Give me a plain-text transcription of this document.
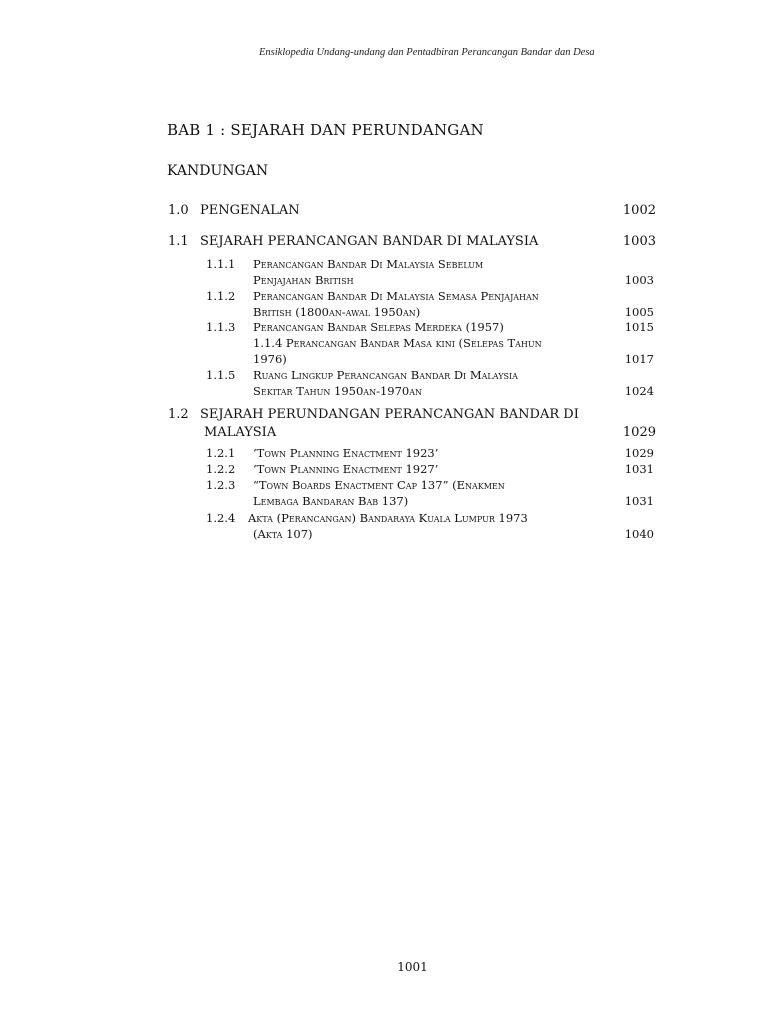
Ensiklopedia Undang-undang dan Pentadbiran Perancangan Bandar dan Desa
BAB 1 : SEJARAH DAN PERUNDANGAN
KANDUNGAN
1.0 PENGENALAN	1002
1.1 SEJARAH PERANCANGAN BANDAR DI MALAYSIA	1003
1.1.1 Perancangan Bandar Di Malaysia Sebelum
Penjajahan British	1003
1.1.2 Perancangan Bandar Di Malaysia Semasa Penjajahan
British (1800an-awal 1950an)	1005
1.1.3 Perancangan Bandar Selepas Merdeka (1957)	1015
1.1.4 Perancangan Bandar Masa kini (Selepas Tahun
1976)	1017
1.1.5 Ruang Lingkup Perancangan Bandar Di Malaysia
Sekitar Tahun 1950an-1970an	1024
1.2 SEJARAH PERUNDANGAN PERANCANGAN BANDAR DI
MALAYSIA	1029
1.2.1 ‘Town Planning Enactment 1923’	1029
1.2.2 ‘Town Planning Enactment 1927’	1031
1.2.3 “Town Boards Enactment Cap 137” (Enakmen
Lembaga Bandaran Bab 137)	1031
1.2.4 Akta (Perancangan) Bandaraya Kuala Lumpur 1973
(Akta 107)	1040
1001
